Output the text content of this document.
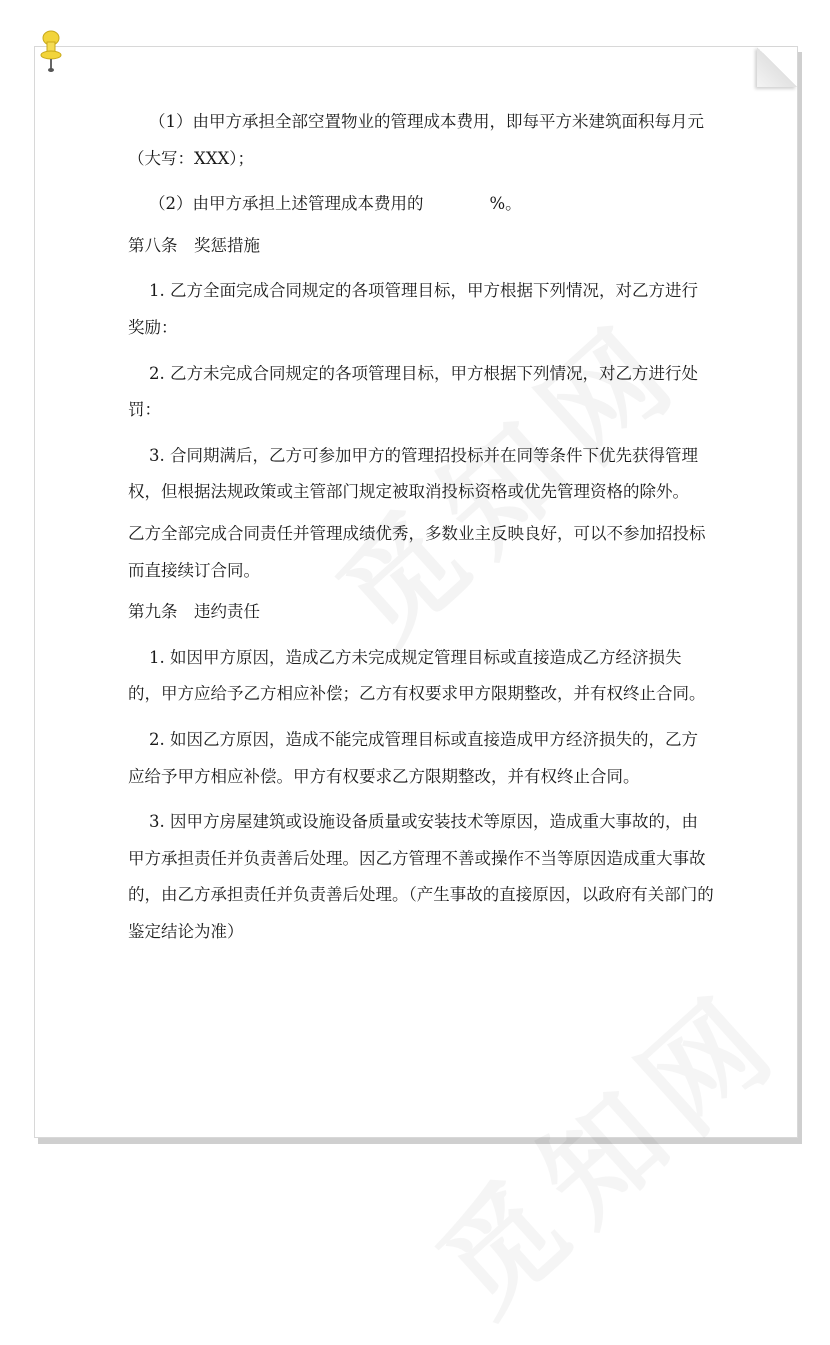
（1）由甲方承担全部空置物业的管理成本费用，即每平方米建筑面积每月元（大写：XXX）；

（2）由甲方承担上述管理成本费用的　　　　%。

第八条　奖惩措施

1. 乙方全面完成合同规定的各项管理目标，甲方根据下列情况，对乙方进行奖励：

2. 乙方未完成合同规定的各项管理目标，甲方根据下列情况，对乙方进行处罚：

3. 合同期满后，乙方可参加甲方的管理招投标并在同等条件下优先获得管理权，但根据法规政策或主管部门规定被取消投标资格或优先管理资格的除外。

乙方全部完成合同责任并管理成绩优秀，多数业主反映良好，可以不参加招投标而直接续订合同。

第九条　违约责任

1. 如因甲方原因，造成乙方未完成规定管理目标或直接造成乙方经济损失的，甲方应给予乙方相应补偿；乙方有权要求甲方限期整改，并有权终止合同。

2. 如因乙方原因，造成不能完成管理目标或直接造成甲方经济损失的，乙方应给予甲方相应补偿。甲方有权要求乙方限期整改，并有权终止合同。

3. 因甲方房屋建筑或设施设备质量或安装技术等原因，造成重大事故的，由甲方承担责任并负责善后处理。因乙方管理不善或操作不当等原因造成重大事故的，由乙方承担责任并负责善后处理。（产生事故的直接原因，以政府有关部门的鉴定结论为准）
